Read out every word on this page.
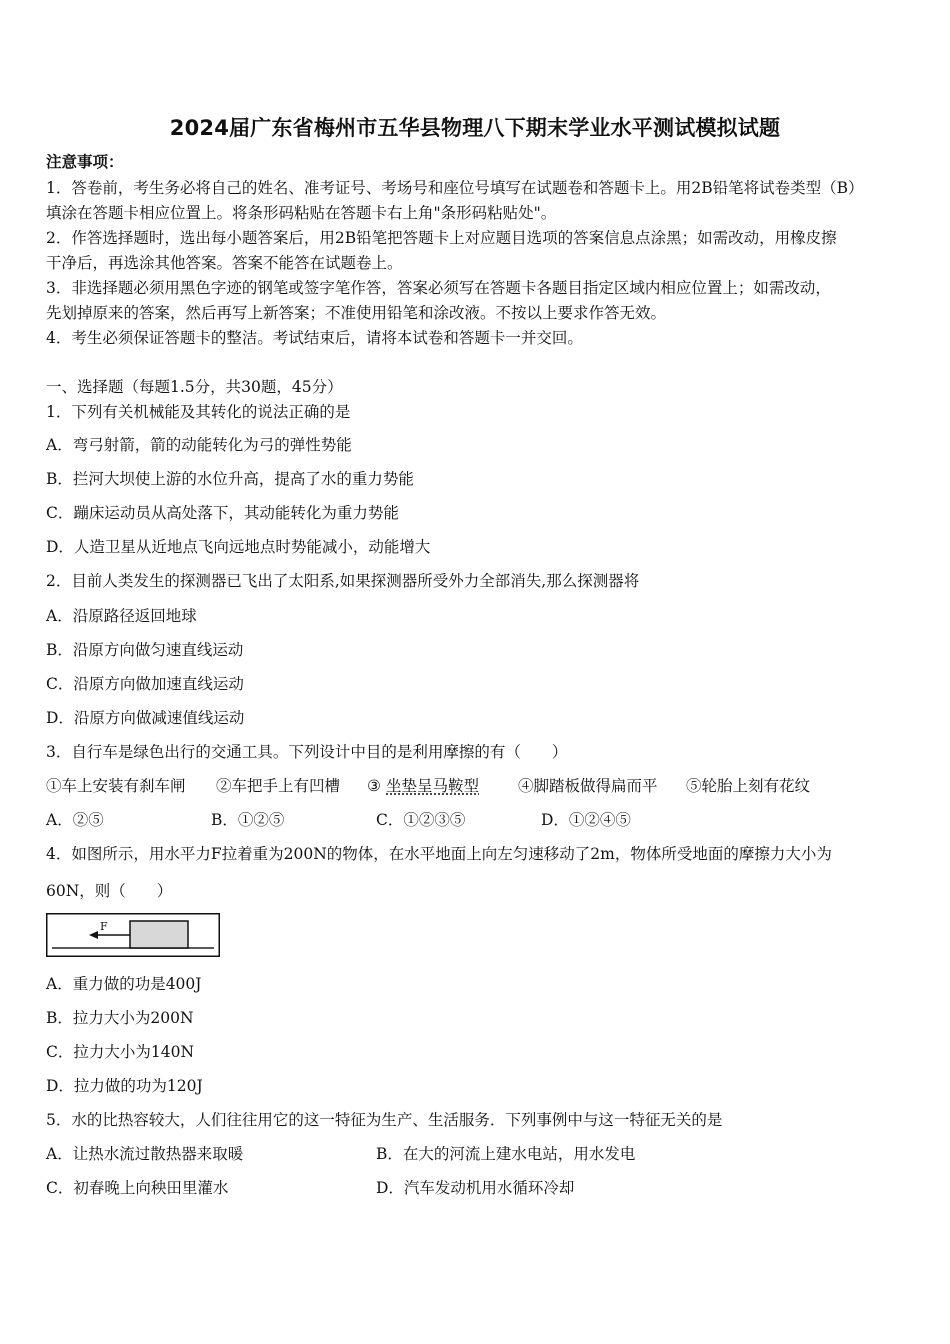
2024届广东省梅州市五华县物理八下期末学业水平测试模拟试题
注意事项：
1．答卷前，考生务必将自己的姓名、准考证号、考场号和座位号填写在试题卷和答题卡上。用2B铅笔将试卷类型（B）
填涂在答题卡相应位置上。将条形码粘贴在答题卡右上角"条形码粘贴处"。
2．作答选择题时，选出每小题答案后，用2B铅笔把答题卡上对应题目选项的答案信息点涂黑；如需改动，用橡皮擦
干净后，再选涂其他答案。答案不能答在试题卷上。
3．非选择题必须用黑色字迹的钢笔或签字笔作答，答案必须写在答题卡各题目指定区域内相应位置上；如需改动，
先划掉原来的答案，然后再写上新答案；不准使用铅笔和涂改液。不按以上要求作答无效。
4．考生必须保证答题卡的整洁。考试结束后，请将本试卷和答题卡一并交回。
一、选择题（每题1.5分，共30题，45分）
1．下列有关机械能及其转化的说法正确的是
A．弯弓射箭，箭的动能转化为弓的弹性势能
B．拦河大坝使上游的水位升高，提高了水的重力势能
C．蹦床运动员从高处落下，其动能转化为重力势能
D．人造卫星从近地点飞向远地点时势能减小，动能增大
2．目前人类发生的探测器已飞出了太阳系,如果探测器所受外力全部消失,那么探测器将
A．沿原路径返回地球
B．沿原方向做匀速直线运动
C．沿原方向做加速直线运动
D．沿原方向做减速值线运动
3．自行车是绿色出行的交通工具。下列设计中目的是利用摩擦的有（　　）
①车上安装有刹车闸 ②车把手上有凹槽 ③ 坐垫呈马鞍型	④脚踏板做得扁而平 ⑤轮胎上刻有花纹
A．②⑤	B．①②⑤	C．①②③⑤	D．①②④⑤
4．如图所示，用水平力F拉着重为200N的物体，在水平地面上向左匀速移动了2m，物体所受地面的摩擦力大小为
60N，则（　　）
F
A．重力做的功是400J
B．拉力大小为200N
C．拉力大小为140N
D．拉力做的功为120J
5．水的比热容较大，人们往往用它的这一特征为生产、生活服务．下列事例中与这一特征无关的是
A．让热水流过散热器来取暖	B．在大的河流上建水电站，用水发电
C．初春晚上向秧田里灌水	D．汽车发动机用水循环冷却
